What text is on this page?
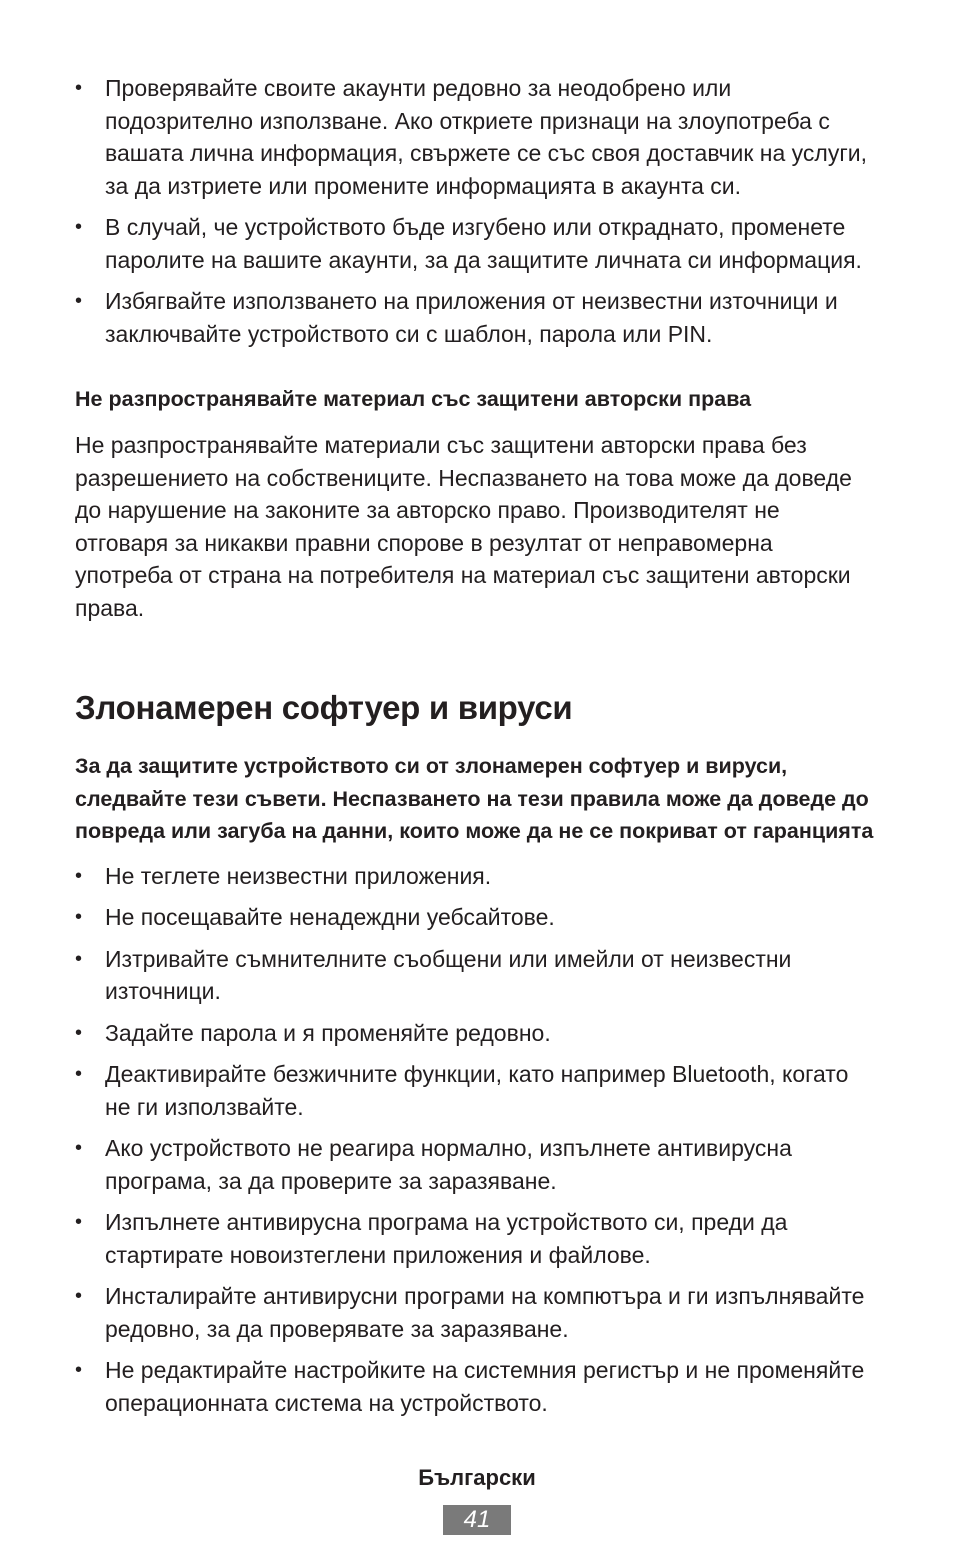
• Проверявайте своите акаунти редовно за неодобрено или подозрително използване. Ако откриете признаци на злоупотреба с вашата лична информация, свържете се със своя доставчик на услуги, за да изтриете или промените информацията в акаунта си.
• В случай, че устройството бъде изгубено или откраднато, променете паролите на вашите акаунти, за да защитите личната си информация.
• Избягвайте използването на приложения от неизвестни източници и заключвайте устройството си с шаблон, парола или PIN.
Не разпространявайте материал със защитени авторски права

Не разпространявайте материали със защитени авторски права без разрешението на собствениците. Неспазването на това може да доведе до нарушение на законите за авторско право. Производителят не отговаря за никакви правни спорове в резултат от неправомерна употреба от страна на потребителя на материал със защитени авторски права.

Злонамерен софтуер и вируси

За да защитите устройството си от злонамерен софтуер и вируси, следвайте тези съвети. Неспазването на тези правила може да доведе до повреда или загуба на данни, които може да не се покриват от гаранцията

• Не теглете неизвестни приложения.
• Не посещавайте ненадеждни уебсайтове.
• Изтривайте съмнителните съобщени или имейли от неизвестни източници.
• Задайте парола и я променяйте редовно.
• Деактивирайте безжичните функции, като например Bluetooth, когато не ги използвайте.
• Ако устройството не реагира нормално, изпълнете антивирусна програма, за да проверите за заразяване.
• Изпълнете антивирусна програма на устройството си, преди да стартирате новоизтеглени приложения и файлове.
• Инсталирайте антивирусни програми на компютъра и ги изпълнявайте редовно, за да проверявате за заразяване.
• Не редактирайте настройките на системния регистър и не променяйте операционната система на устройството.
Български
41
